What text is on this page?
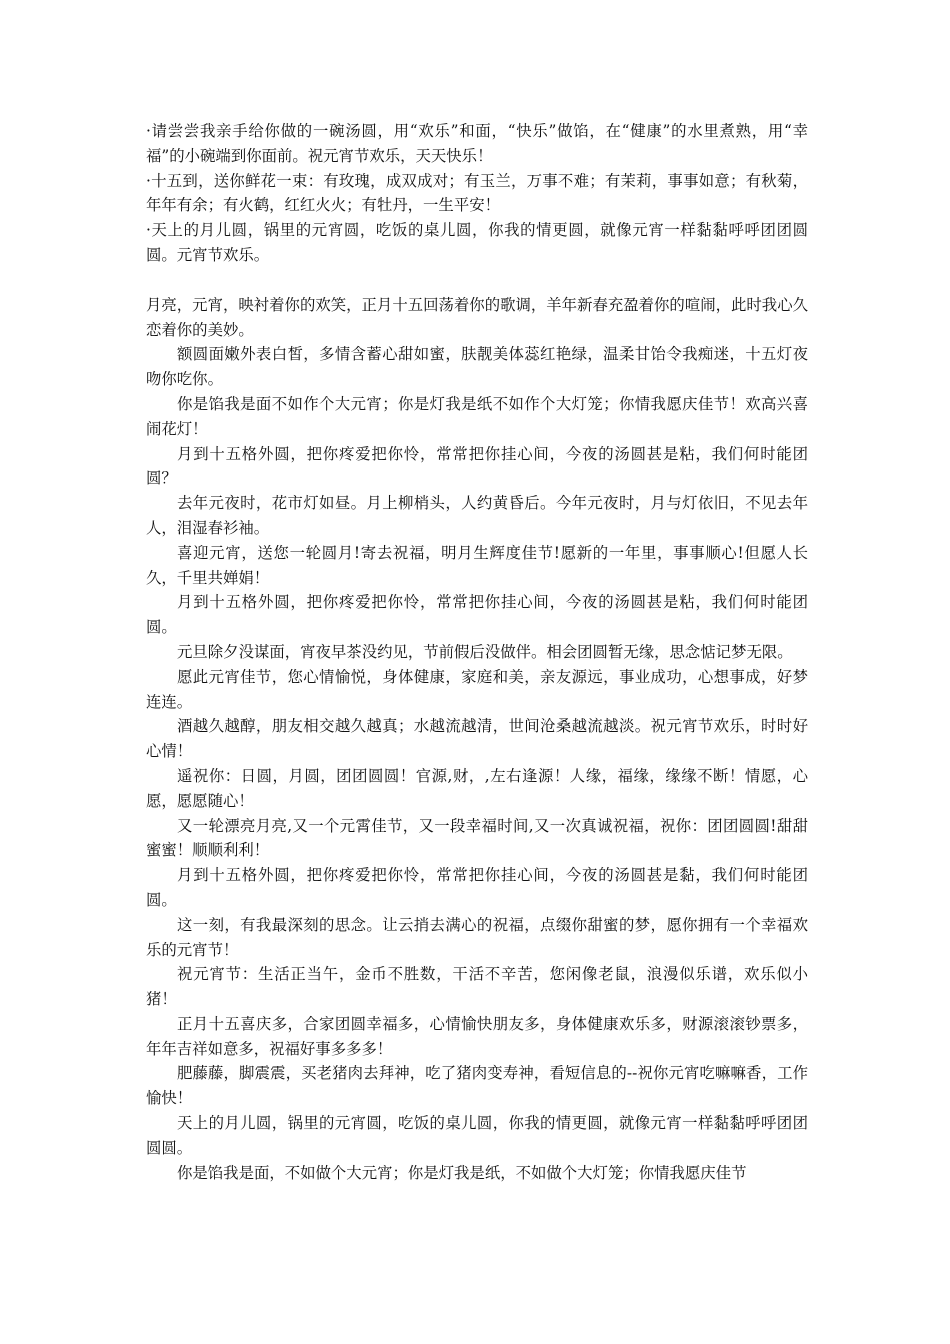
·请尝尝我亲手给你做的一碗汤圆，用“欢乐”和面，“快乐”做馅，在“健康”的水里煮熟，用“幸福”的小碗端到你面前。祝元宵节欢乐，天天快乐！

·十五到，送你鲜花一束：有玫瑰，成双成对；有玉兰，万事不难；有茉莉，事事如意；有秋菊，年年有余；有火鹤，红红火火；有牡丹，一生平安！

·天上的月儿圆，锅里的元宵圆，吃饭的桌儿圆，你我的情更圆，就像元宵一样黏黏呼呼团团圆圆。元宵节欢乐。

月亮，元宵，映衬着你的欢笑，正月十五回荡着你的歌调，羊年新春充盈着你的喧闹，此时我心久恋着你的美妙。

额圆面嫩外表白皙，多情含蓄心甜如蜜，肤靓美体蕊红艳绿，温柔甘饴令我痴迷，十五灯夜吻你吃你。

你是馅我是面不如作个大元宵；你是灯我是纸不如作个大灯笼；你情我愿庆佳节！欢高兴喜闹花灯！

月到十五格外圆，把你疼爱把你怜，常常把你挂心间，今夜的汤圆甚是粘，我们何时能团圆？

去年元夜时，花市灯如昼。月上柳梢头，人约黄昏后。今年元夜时，月与灯依旧，不见去年人，泪湿春衫袖。

喜迎元宵，送您一轮圆月!寄去祝福，明月生辉度佳节!愿新的一年里，事事顺心!但愿人长久，千里共婵娟！

月到十五格外圆，把你疼爱把你怜，常常把你挂心间，今夜的汤圆甚是粘，我们何时能团圆。

元旦除夕没谋面，宵夜早茶没约见，节前假后没做伴。相会团圆暂无缘，思念惦记梦无限。

愿此元宵佳节，您心情愉悦，身体健康，家庭和美，亲友源远，事业成功，心想事成，好梦连连。

酒越久越醇，朋友相交越久越真；水越流越清，世间沧桑越流越淡。祝元宵节欢乐，时时好心情！

遥祝你：日圆，月圆，团团圆圆！官源,财，,左右逢源！人缘，福缘，缘缘不断！情愿，心愿，愿愿随心！

又一轮漂亮月亮,又一个元霄佳节，又一段幸福时间,又一次真诚祝福，祝你：团团圆圆!甜甜蜜蜜！顺顺利利！

月到十五格外圆，把你疼爱把你怜，常常把你挂心间，今夜的汤圆甚是黏，我们何时能团圆。

这一刻，有我最深刻的思念。让云捎去满心的祝福，点缀你甜蜜的梦，愿你拥有一个幸福欢乐的元宵节！

祝元宵节：生活正当午，金币不胜数，干活不辛苦，您闲像老鼠，浪漫似乐谱，欢乐似小猪！

正月十五喜庆多，合家团圆幸福多，心情愉快朋友多，身体健康欢乐多，财源滚滚钞票多，年年吉祥如意多，祝福好事多多多！

肥藤藤，脚震震，买老猪肉去拜神，吃了猪肉变寿神，看短信息的--祝你元宵吃嘛嘛香，工作愉快！

天上的月儿圆，锅里的元宵圆，吃饭的桌儿圆，你我的情更圆，就像元宵一样黏黏呼呼团团圆圆。

你是馅我是面，不如做个大元宵；你是灯我是纸，不如做个大灯笼；你情我愿庆佳节
